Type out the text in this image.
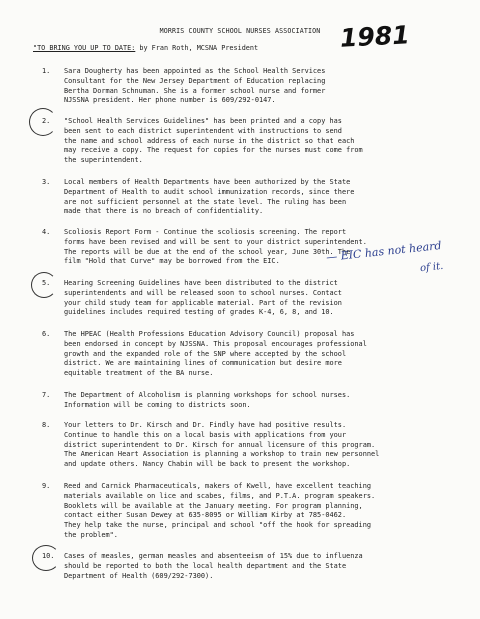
MORRIS COUNTY SCHOOL NURSES ASSOCIATION 1981
"TO BRING YOU UP TO DATE: by Fran Roth, MCSNA President
1.	Sara Dougherty has been appointed as the School Health Services
Consultant for the New Jersey Department of Education replacing
Bertha Dorman Schnuman. She is a former school nurse and former
NJSSNA president. Her phone number is 609/292-0147.
2.	"School Health Services Guidelines" has been printed and a copy has
been sent to each district superintendent with instructions to send
the name and school address of each nurse in the district so that each
may receive a copy. The request for copies for the nurses must come from
the superintendent.
3.	Local members of Health Departments have been authorized by the State
Department of Health to audit school immunization records, since there
are not sufficient personnel at the state level. The ruling has been
made that there is no breach of confidentiality.
4.	Scoliosis Report Form - Continue the scoliosis screening. The report
forms have been revised and will be sent to your district superintendent.
The reports will be due at the end of the school year, June 30th. The
film "Hold that Curve" may be borrowed from the EIC.
5.	Hearing Screening Guidelines have been distributed to the district
superintendents and will be released soon to school nurses. Contact
your child study team for applicable material. Part of the revision
guidelines includes required testing of grades K-4, 6, 8, and 10.
6.	The HPEAC (Health Professions Education Advisory Council) proposal has
been endorsed in concept by NJSSNA. This proposal encourages professional
growth and the expanded role of the SNP where accepted by the school
district. We are maintaining lines of communication but desire more
equitable treatment of the BA nurse.
7.	The Department of Alcoholism is planning workshops for school nurses.
Information will be coming to districts soon.
8.	Your letters to Dr. Kirsch and Dr. Findly have had positive results.
Continue to handle this on a local basis with applications from your
district superintendent to Dr. Kirsch for annual licensure of this program.
The American Heart Association is planning a workshop to train new personnel
and update others. Nancy Chabin will be back to present the workshop.
9.	Reed and Carnick Pharmaceuticals, makers of Kwell, have excellent teaching
materials available on lice and scabes, films, and P.T.A. program speakers.
Booklets will be available at the January meeting. For program planning,
contact either Susan Dewey at 635-8095 or William Kirby at 785-0462.
They help take the nurse, principal and school "off the hook for spreading
the problem".
10.	Cases of measles, german measles and absenteeism of 15% due to influenza
should be reported to both the local health department and the State
Department of Health (609/292-7300).
— EIC has not heard
of it.
